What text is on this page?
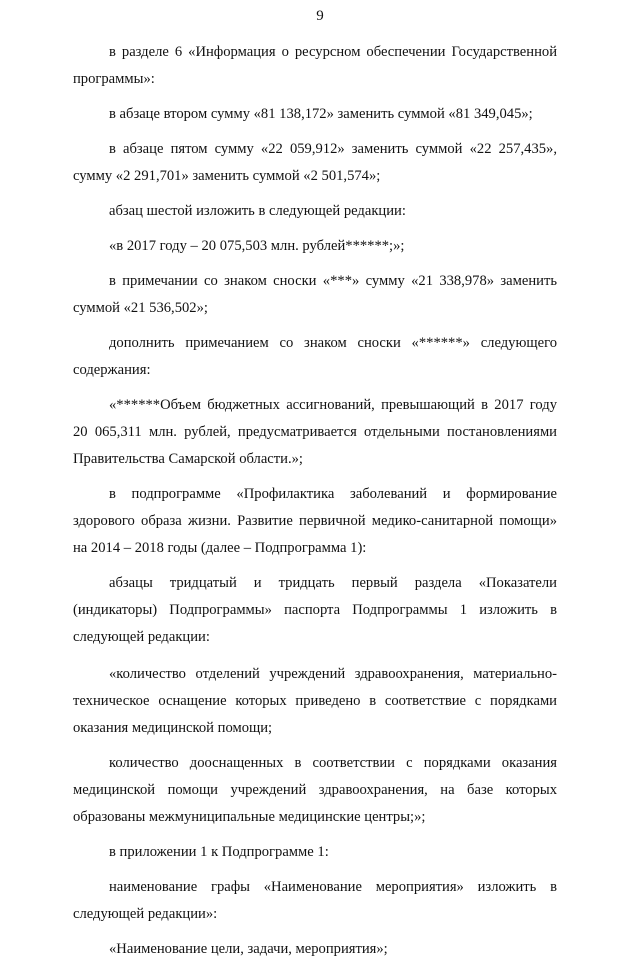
9

в разделе 6 «Информация о ресурсном обеспечении Государственной программы»:

в абзаце втором сумму «81 138,172» заменить суммой «81 349,045»;

в абзаце пятом сумму «22 059,912» заменить суммой «22 257,435», сумму «2 291,701» заменить суммой «2 501,574»;

абзац шестой изложить в следующей редакции:

«в 2017 году – 20 075,503 млн. рублей******;»;

в примечании со знаком сноски «***» сумму «21 338,978» заменить суммой «21 536,502»;

дополнить примечанием со знаком сноски «******» следующего содержания:

«******Объем бюджетных ассигнований, превышающий в 2017 году 20 065,311 млн. рублей, предусматривается отдельными постановлениями Правительства Самарской области.»;

в подпрограмме «Профилактика заболеваний и формирование здорового образа жизни. Развитие первичной медико-санитарной помощи» на 2014 – 2018 годы (далее – Подпрограмма 1):

абзацы тридцатый и тридцать первый раздела «Показатели (индикаторы) Подпрограммы» паспорта Подпрограммы 1 изложить в следующей редакции:

«количество отделений учреждений здравоохранения, материально-техническое оснащение которых приведено в соответствие с порядками оказания медицинской помощи;

количество дооснащенных в соответствии с порядками оказания медицинской помощи учреждений здравоохранения, на базе которых образованы межмуниципальные медицинские центры;»;

в приложении 1 к Подпрограмме 1:

наименование графы «Наименование мероприятия» изложить в следующей редакции»:

«Наименование цели, задачи, мероприятия»;
